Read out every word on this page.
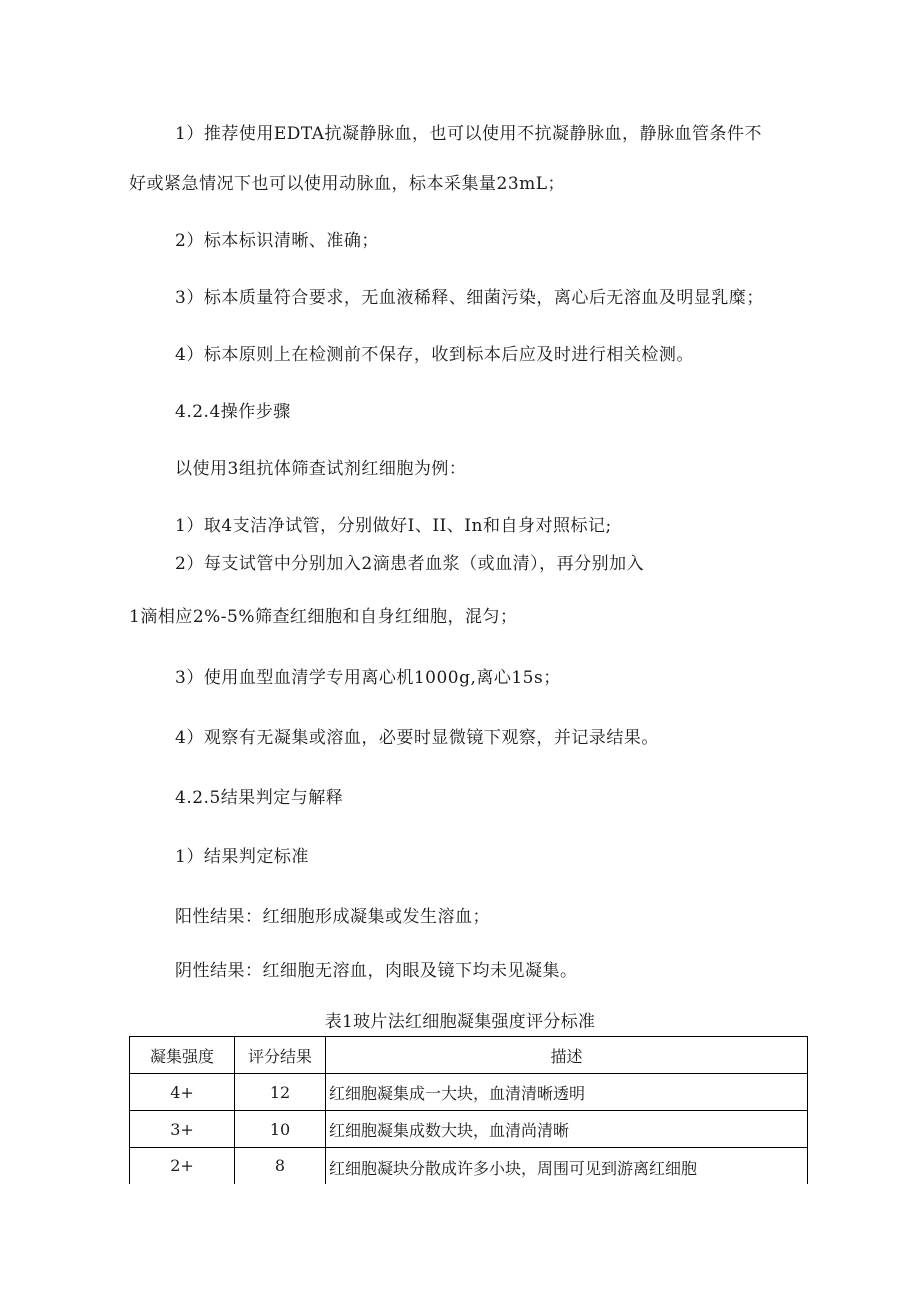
1）推荐使用EDTA抗凝静脉血，也可以使用不抗凝静脉血，静脉血管条件不
好或紧急情况下也可以使用动脉血，标本采集量23mL；
2）标本标识清晰、准确；
3）标本质量符合要求，无血液稀释、细菌污染，离心后无溶血及明显乳糜；
4）标本原则上在检测前不保存，收到标本后应及时进行相关检测。
4.2.4操作步骤
以使用3组抗体筛查试剂红细胞为例：
1）取4支洁净试管，分别做好I、II、In和自身对照标记;
2）每支试管中分别加入2滴患者血浆（或血清），再分别加入
1滴相应2%-5%筛查红细胞和自身红细胞，混匀；
3）使用血型血清学专用离心机1000g,离心15s；
4）观察有无凝集或溶血，必要时显微镜下观察，并记录结果。
4.2.5结果判定与解释
1）结果判定标准
阳性结果：红细胞形成凝集或发生溶血；
阴性结果：红细胞无溶血，肉眼及镜下均未见凝集。
表1玻片法红细胞凝集强度评分标准
凝集强度	评分结果	描述
4+	12	红细胞凝集成一大块，血清清晰透明
3+	10	红细胞凝集成数大块，血清尚清晰
2+	8	红细胞凝块分散成许多小块，周围可见到游离红细胞
